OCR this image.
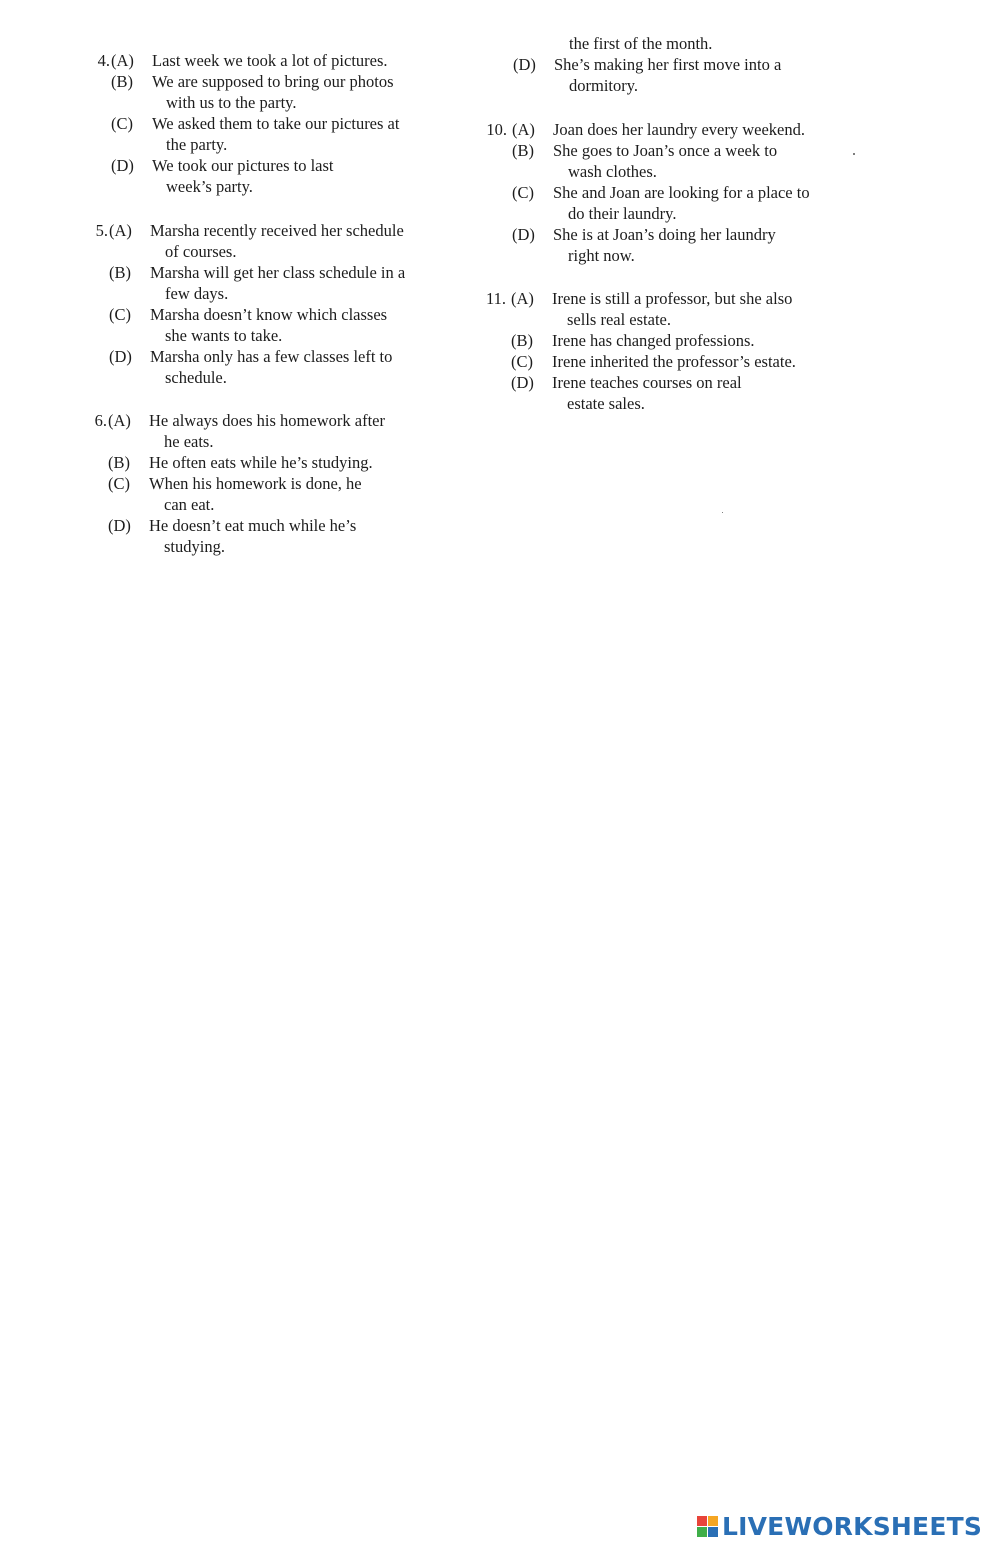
4. (A) Last week we took a lot of pictures.
(B) We are supposed to bring our photos
with us to the party.
(C) We asked them to take our pictures at
the party.
(D) We took our pictures to last
week’s party.
5. (A) Marsha recently received her schedule
of courses.
(B) Marsha will get her class schedule in a
few days.
(C) Marsha doesn’t know which classes
she wants to take.
(D) Marsha only has a few classes left to
schedule.
6. (A) He always does his homework after
he eats.
(B) He often eats while he’s studying.
(C) When his homework is done, he
can eat.
(D) He doesn’t eat much while he’s
studying.
the first of the month.
(D) She’s making her first move into a
dormitory.
10. (A) Joan does her laundry every weekend.
(B) She goes to Joan’s once a week to
wash clothes.
(C) She and Joan are looking for a place to
do their laundry.
(D) She is at Joan’s doing her laundry
right now.
11. (A) Irene is still a professor, but she also
sells real estate.
(B) Irene has changed professions.
(C) Irene inherited the professor’s estate.
(D) Irene teaches courses on real
estate sales.
LIVEWORKSHEETS
